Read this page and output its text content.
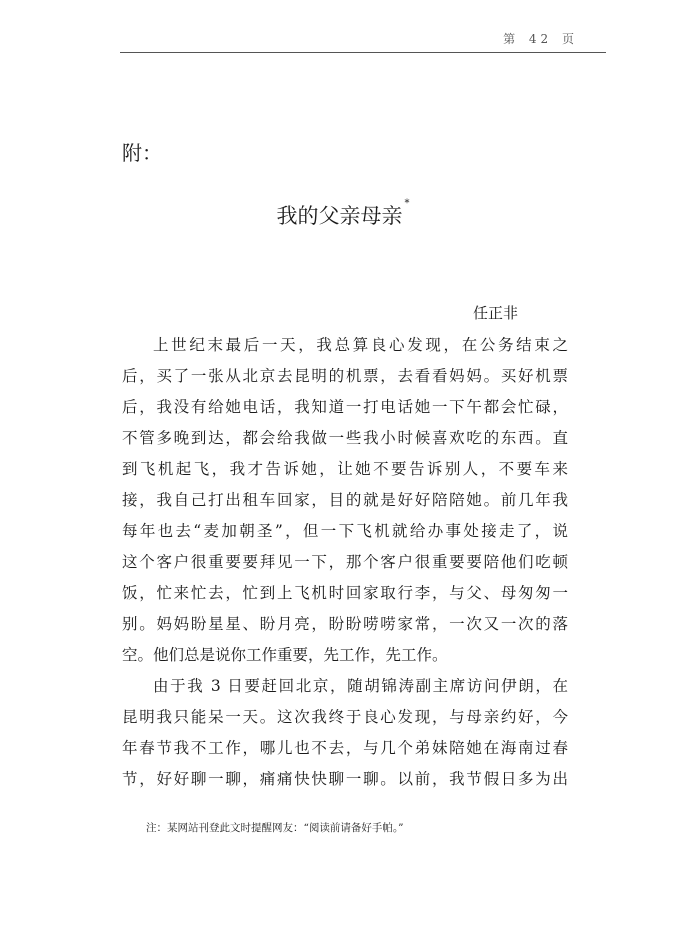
第 42 页
附：
我的父亲母亲*
任正非
上世纪末最后一天，我总算良心发现，在公务结束之
后，买了一张从北京去昆明的机票，去看看妈妈。买好机票
后，我没有给她电话，我知道一打电话她一下午都会忙碌，
不管多晚到达，都会给我做一些我小时候喜欢吃的东西。直
到飞机起飞，我才告诉她，让她不要告诉别人，不要车来
接，我自己打出租车回家，目的就是好好陪陪她。前几年我
每年也去“麦加朝圣”，但一下飞机就给办事处接走了，说
这个客户很重要要拜见一下，那个客户很重要要陪他们吃顿
饭，忙来忙去，忙到上飞机时回家取行李，与父、母匆匆一
别。妈妈盼星星、盼月亮，盼盼唠唠家常，一次又一次的落
空。他们总是说你工作重要，先工作，先工作。
由于我 3 日要赶回北京，随胡锦涛副主席访问伊朗，在
昆明我只能呆一天。这次我终于良心发现，与母亲约好，今
年春节我不工作，哪儿也不去，与几个弟妹陪她在海南过春
节，好好聊一聊，痛痛快快聊一聊。以前，我节假日多为出
注：某网站刊登此文时提醒网友：“阅读前请备好手帕。”
